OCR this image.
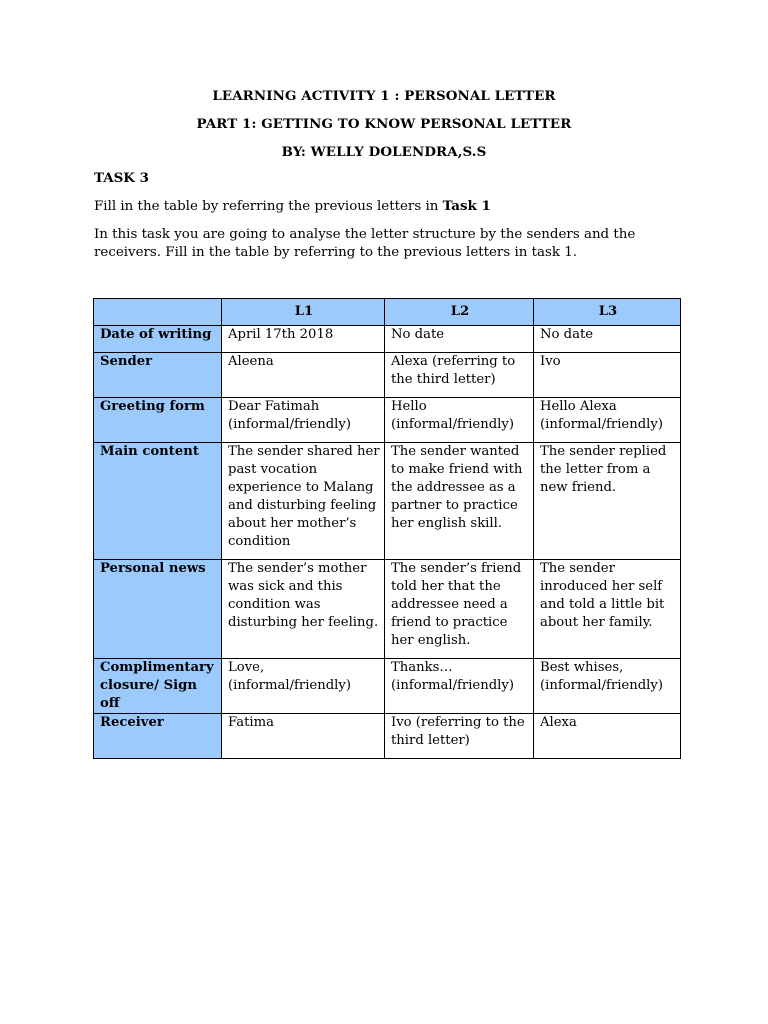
LEARNING ACTIVITY 1 : PERSONAL LETTER
PART 1: GETTING TO KNOW PERSONAL LETTER
BY: WELLY DOLENDRA,S.S
TASK 3
Fill in the table by referring the previous letters in Task 1
In this task you are going to analyse the letter structure by the senders and the receivers. Fill in the table by referring to the previous letters in task 1.
	L1	L2	L3
Date of writing	April 17th 2018	No date	No date
Sender	Aleena	Alexa (referring to the third letter)	Ivo
Greeting form	Dear Fatimah (informal/friendly)	Hello (informal/friendly)	Hello Alexa (informal/friendly)
Main content	The sender shared her past vocation experience to Malang and disturbing feeling about her mother’s condition	The sender wanted to make friend with the addressee as a partner to practice her english skill.	The sender replied the letter from a new friend.
Personal news	The sender’s mother was sick and this condition was disturbing her feeling.	The sender’s friend told her that the addressee need a friend to practice her english.	The sender inroduced her self and told a little bit about her family.
Complimentary closure/ Sign off	Love, (informal/friendly)	Thanks… (informal/friendly)	Best whises, (informal/friendly)
Receiver	Fatima	Ivo (referring to the third letter)	Alexa
